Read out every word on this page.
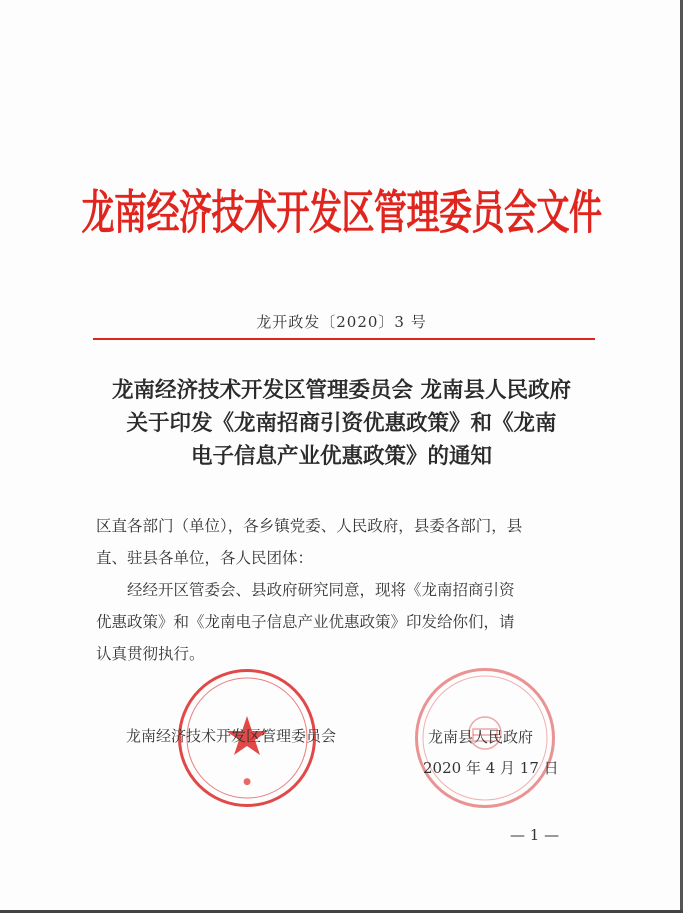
龙南经济技术开发区管理委员会文件
龙开政发〔2020〕3 号
龙南经济技术开发区管理委员会 龙南县人民政府
关于印发《龙南招商引资优惠政策》和《龙南
电子信息产业优惠政策》的通知
区直各部门（单位），各乡镇党委、人民政府，县委各部门，县
直、驻县各单位，各人民团体：
经经开区管委会、县政府研究同意，现将《龙南招商引资
优惠政策》和《龙南电子信息产业优惠政策》印发给你们，请
认真贯彻执行。
●
龙南经济技术开发区管理委员会	龙南县人民政府
2020 年 4 月 17 日
— 1 —
